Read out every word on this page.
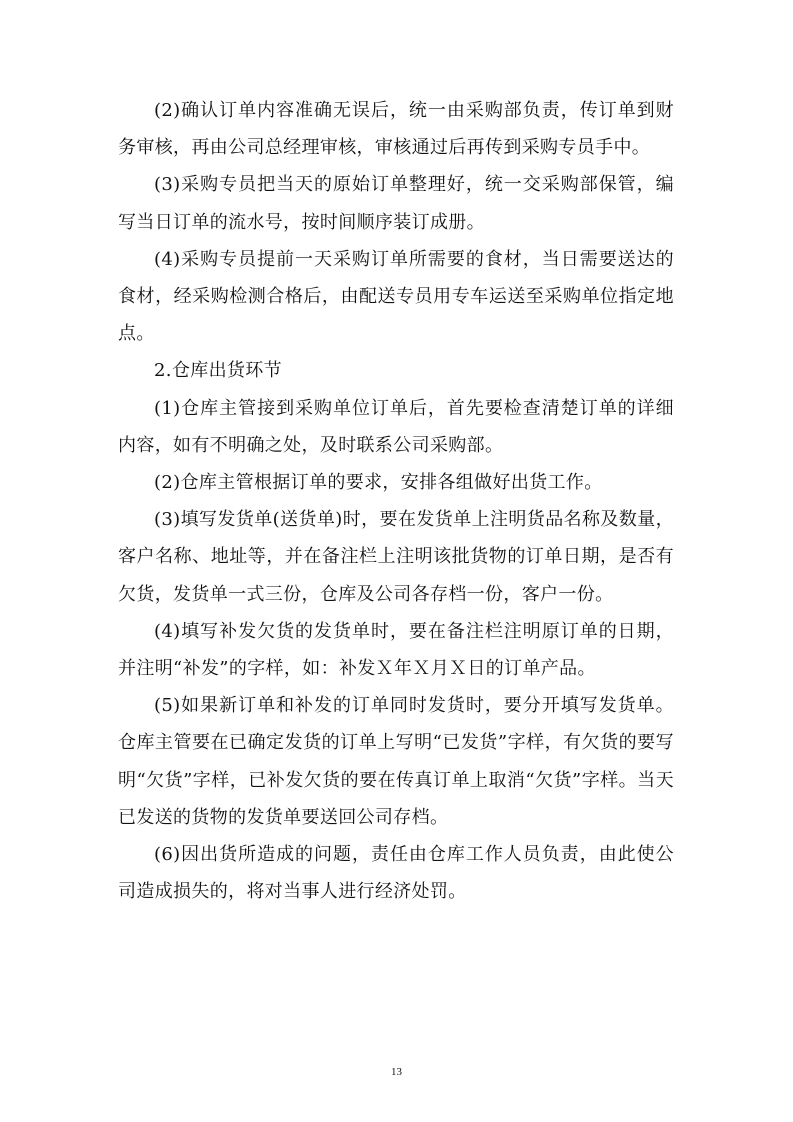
(2)确认订单内容准确无误后，统一由采购部负责，传订单到财务审核，再由公司总经理审核，审核通过后再传到采购专员手中。

(3)采购专员把当天的原始订单整理好，统一交采购部保管，编写当日订单的流水号，按时间顺序装订成册。

(4)采购专员提前一天采购订单所需要的食材，当日需要送达的食材，经采购检测合格后，由配送专员用专车运送至采购单位指定地点。

2.仓库出货环节

(1)仓库主管接到采购单位订单后，首先要检查清楚订单的详细内容，如有不明确之处，及时联系公司采购部。

(2)仓库主管根据订单的要求，安排各组做好出货工作。

(3)填写发货单(送货单)时，要在发货单上注明货品名称及数量，客户名称、地址等，并在备注栏上注明该批货物的订单日期，是否有欠货，发货单一式三份，仓库及公司各存档一份，客户一份。

(4)填写补发欠货的发货单时，要在备注栏注明原订单的日期，并注明“补发”的字样，如：补发Ｘ年Ｘ月Ｘ日的订单产品。

(5)如果新订单和补发的订单同时发货时，要分开填写发货单。仓库主管要在已确定发货的订单上写明“已发货”字样，有欠货的要写明“欠货”字样，已补发欠货的要在传真订单上取消“欠货”字样。当天已发送的货物的发货单要送回公司存档。

(6)因出货所造成的问题，责任由仓库工作人员负责，由此使公司造成损失的，将对当事人进行经济处罚。

13
